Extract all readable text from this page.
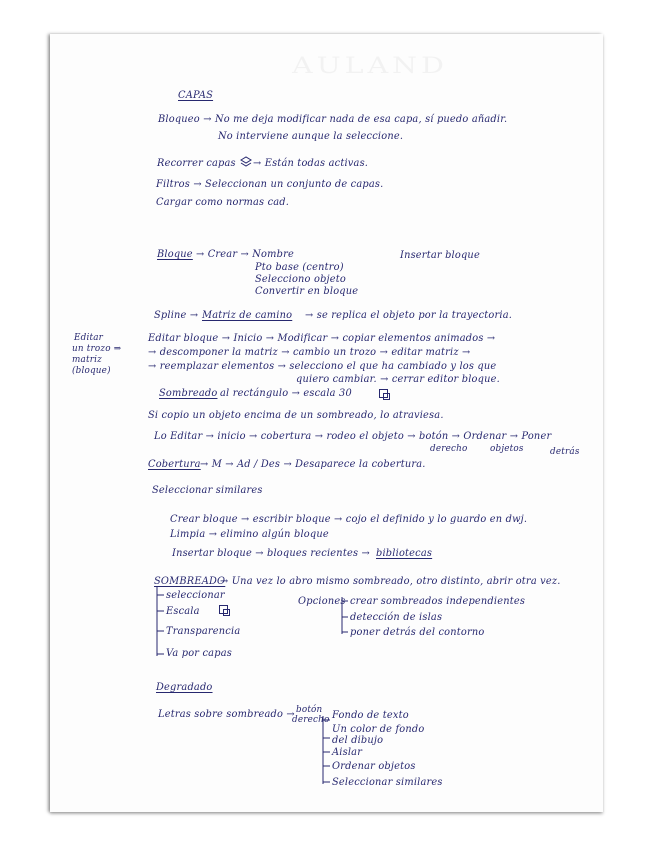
CAPAS
Bloqueo → No me deja modificar nada de esa capa, sí puedo añadir.
No interviene aunque la seleccione.
Recorrer capas → Están todas activas.
Filtros → Seleccionan un conjunto de capas.
Cargar como normas cad.
Bloque → Crear → Nombre
Pto base (centro)
Selecciono objeto
Convertir en bloque
Insertar bloque
Spline → Matriz de camino → se replica el objeto por la trayectoria.
Editar
un trozo ⇒
matriz
(bloque)
Editar bloque → Inicio → Modificar → copiar elementos animados →
→ descomponer la matriz → cambio un trozo → editar matriz →
→ reemplazar elementos → selecciono el que ha cambiado y los que
quiero cambiar. → cerrar editor bloque.
Sombreado al rectángulo → escala 30
Si copio un objeto encima de un sombreado, lo atraviesa.
Lo Editar → inicio → cobertura → rodeo el objeto → botón → Ordenar → Poner
derecho	objetos	detrás
Cobertura → M → Ad / Des → Desaparece la cobertura.
Seleccionar similares
Crear bloque → escribir bloque → cojo el definido y lo guardo en dwj.
Limpia → elimino algún bloque
Insertar bloque → bloques recientes → bibliotecas
SOMBREADO
→ Una vez lo abro mismo sombreado, otro distinto, abrir otra vez.
seleccionar
Escala
Transparencia
Va por capas
Opciones crear sombreados independientes
detección de islas
poner detrás del contorno
Degradado
Letras sobre sombreado → botón
derecho Fondo de texto
Un color de fondo
del dibujo
Aislar
Ordenar objetos
Seleccionar similares
